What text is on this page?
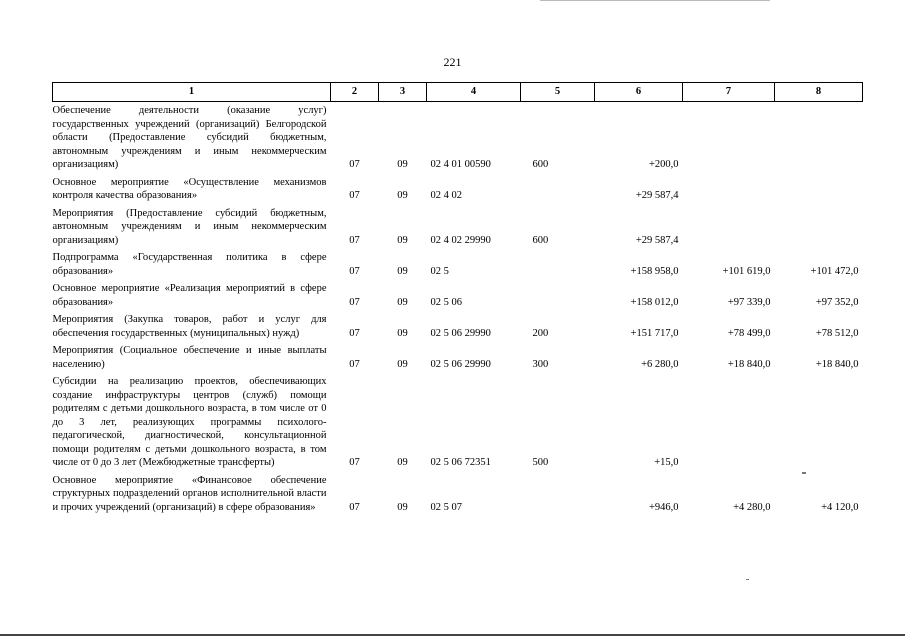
221
1	2	3	4	5	6	7	8
Обеспечение деятельности (оказание услуг) государственных учреждений (организаций) Белгородской области (Предоставление субсидий бюджетным, автономным учреждениям и иным некоммерческим организациям)	07	09	02 4 01 00590	600	+200,0		
Основное мероприятие «Осуществление механизмов контроля качества образования»	07	09	02 4 02		+29 587,4		
Мероприятия (Предоставление субсидий бюджетным, автономным учреждениям и иным некоммерческим организациям)	07	09	02 4 02 29990	600	+29 587,4		
Подпрограмма «Государственная политика в сфере образования»	07	09	02 5		+158 958,0	+101 619,0	+101 472,0
Основное мероприятие «Реализация мероприятий в сфере образования»	07	09	02 5 06		+158 012,0	+97 339,0	+97 352,0
Мероприятия (Закупка товаров, работ и услуг для обеспечения государственных (муниципальных) нужд)	07	09	02 5 06 29990	200	+151 717,0	+78 499,0	+78 512,0
Мероприятия (Социальное обеспечение и иные выплаты населению)	07	09	02 5 06 29990	300	+6 280,0	+18 840,0	+18 840,0
Субсидии на реализацию проектов, обеспечивающих создание инфраструктуры центров (служб) помощи родителям с детьми дошкольного возраста, в том числе от 0 до 3 лет, реализующих программы психолого-педагогической, диагностической, консультационной помощи родителям с детьми дошкольного возраста, в том числе от 0 до 3 лет (Межбюджетные трансферты)	07	09	02 5 06 72351	500	+15,0		
Основное мероприятие «Финансовое обеспечение структурных подразделений органов исполнительной власти и прочих учреждений (организаций) в сфере образования»	07	09	02 5 07		+946,0	+4 280,0	+4 120,0
